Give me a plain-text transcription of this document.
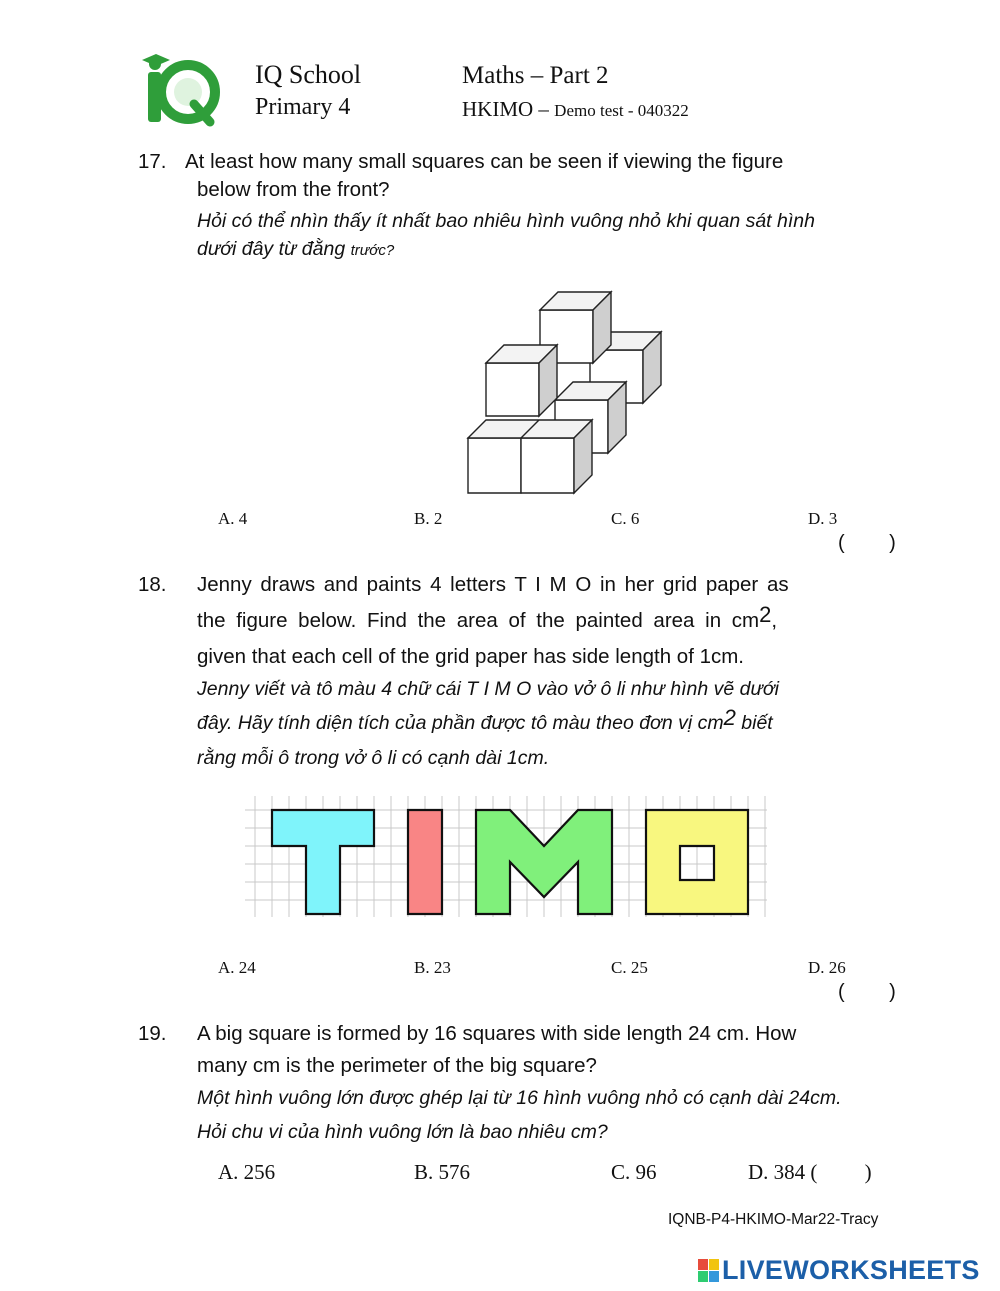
IQ School
Primary 4
Maths – Part 2
HKIMO – Demo test - 040322
17. At least how many small squares can be seen if viewing the figure
below from the front?
Hỏi có thể nhìn thấy ít nhất bao nhiêu hình vuông nhỏ khi quan sát hình
dưới đây từ đằng trước?
A. 4	B. 2	C. 6	D. 3
(        )
18. Jenny draws and paints 4 letters T I M O in her grid paper as
the figure below. Find the area of the painted area in $cm^2$,
given that each cell of the grid paper has side length of 1cm.
Jenny viết và tô màu 4 chữ cái T I M O vào vở ô li như hình vẽ dưới
đây. Hãy tính diện tích của phần được tô màu theo đơn vị $cm^2$ biết
rằng mỗi ô trong vở ô li có cạnh dài 1cm.
A. 24	B. 23	C. 25	D. 26
(        )
19. A big square is formed by 16 squares with side length 24 cm. How
many cm is the perimeter of the big square?
Một hình vuông lớn được ghép lại từ 16 hình vuông nhỏ có cạnh dài 24cm.
Hỏi chu vi của hình vuông lớn là bao nhiêu cm?
A. 256	B. 576	C. 96	D. 384 (         )
IQNB-P4-HKIMO-Mar22-Tracy
LIVEWORKSHEETS
